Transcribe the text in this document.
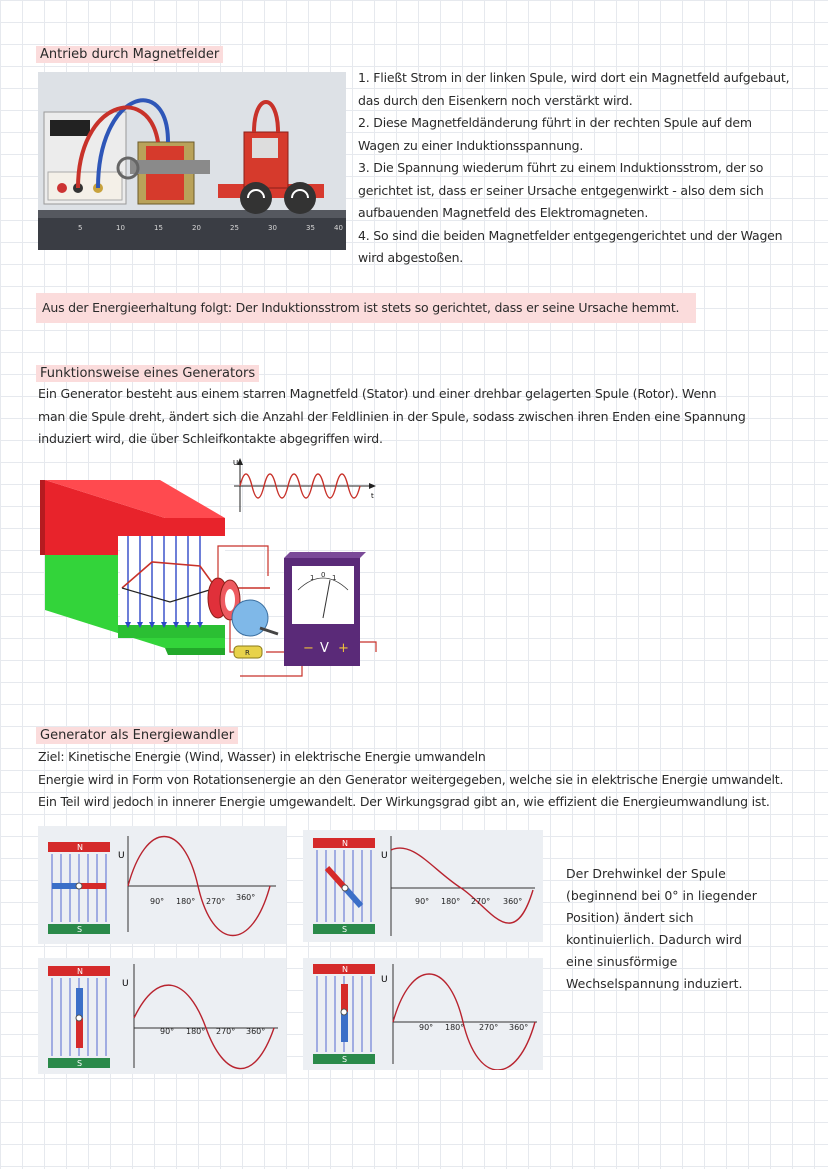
Antrieb durch Magnetfelder
5	10	15	20	25	30	35	40
1. Fließt Strom in der linken Spule, wird dort ein Magnetfeld aufgebaut,
das durch den Eisenkern noch verstärkt wird.
2. Diese Magnetfeldänderung führt in der rechten Spule auf dem
Wagen zu einer Induktionsspannung.
3. Die Spannung wiederum führt zu einem Induktionsstrom, der so
gerichtet ist, dass er seiner Ursache entgegenwirkt - also dem sich
aufbauenden Magnetfeld des Elektromagneten.
4. So sind die beiden Magnetfelder entgegengerichtet und der Wagen
wird abgestoßen.
Aus der Energieerhaltung folgt: Der Induktionsstrom ist stets so gerichtet, dass er seine Ursache hemmt.
Funktionsweise eines Generators
Ein Generator besteht aus einem starren Magnetfeld (Stator) und einer drehbar gelagerten Spule (Rotor). Wenn
man die Spule dreht, ändert sich die Anzahl der Feldlinien in der Spule, sodass zwischen ihren Enden eine Spannung
induziert wird, die über Schleifkontakte abgegriffen wird.
U
t
R
1 0 1
− V +
Generator als Energiewandler
Ziel: Kinetische Energie (Wind, Wasser) in elektrische Energie umwandeln
Energie wird in Form von Rotationsenergie an den Generator weitergegeben, welche sie in elektrische Energie umwandelt.
Ein Teil wird jedoch in innerer Energie umgewandelt. Der Wirkungsgrad gibt an, wie effizient die Energieumwandlung ist.
N
S
U
90° 180° 270° 360°
N
S
U
90° 180° 270° 360°
N
S
U
90° 180° 270° 360°
N
S
U
90° 180° 270° 360°
Der Drehwinkel der Spule
(beginnend bei 0° in liegender
Position) ändert sich
kontinuierlich. Dadurch wird
eine sinusförmige
Wechselspannung induziert.
